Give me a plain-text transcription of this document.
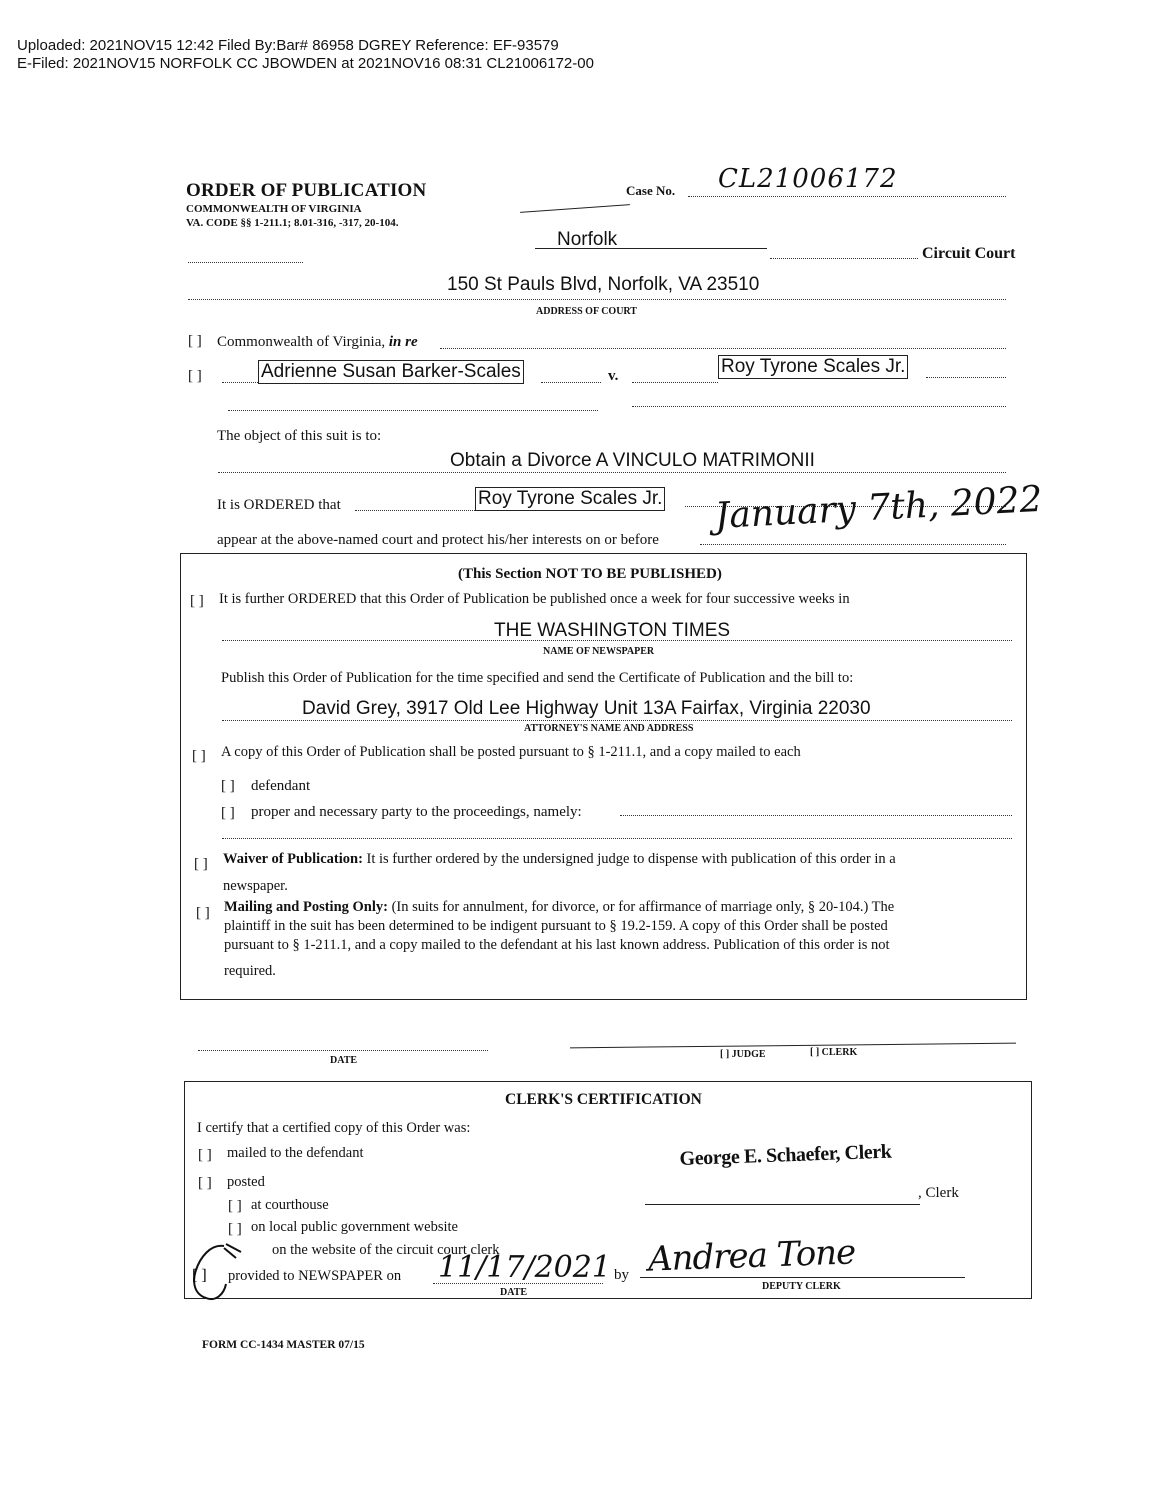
Uploaded: 2021NOV15 12:42 Filed By:Bar# 86958 DGREY Reference: EF-93579
E-Filed: 2021NOV15 NORFOLK CC JBOWDEN at 2021NOV16 08:31 CL21006172-00
ORDER OF PUBLICATION
COMMONWEALTH OF VIRGINIA
VA. CODE §§ 1-211.1; 8.01-316, -317, 20-104.
Case No. CL21006172
Norfolk
Circuit Court
150 St Pauls Blvd, Norfolk, VA 23510
ADDRESS OF COURT
[ ] Commonwealth of Virginia, in re
[ ]	Adrienne Susan Barker-Scales	v.	Roy Tyrone Scales Jr.
The object of this suit is to:
Obtain a Divorce A VINCULO MATRIMONII
It is ORDERED that	Roy Tyrone Scales Jr.
appear at the above-named court and protect his/her interests on or before
January 7th, 2022
(This Section NOT TO BE PUBLISHED)
[ ] It is further ORDERED that this Order of Publication be published once a week for four successive weeks in
THE WASHINGTON TIMES
NAME OF NEWSPAPER
Publish this Order of Publication for the time specified and send the Certificate of Publication and the bill to:
David Grey, 3917 Old Lee Highway Unit 13A Fairfax, Virginia 22030
ATTORNEY'S NAME AND ADDRESS
[ ] A copy of this Order of Publication shall be posted pursuant to § 1-211.1, and a copy mailed to each
[ ] defendant
[ ] proper and necessary party to the proceedings, namely:
[ ] Waiver of Publication: It is further ordered by the undersigned judge to dispense with publication of this order in a
newspaper.
[ ] Mailing and Posting Only: (In suits for annulment, for divorce, or for affirmance of marriage only, § 20-104.) The
plaintiff in the suit has been determined to be indigent pursuant to § 19.2-159. A copy of this Order shall be posted
pursuant to § 1-211.1, and a copy mailed to the defendant at his last known address. Publication of this order is not
required.
DATE
[ ] JUDGE	[ ] CLERK
CLERK'S CERTIFICATION
I certify that a certified copy of this Order was:
[ ] mailed to the defendant
[ ] posted
[ ] at courthouse
[ ] on local public government website
on the website of the circuit court clerk
provided to NEWSPAPER on 11/17/2021
DATE
by
[ ]
George E. Schaefer, Clerk
, Clerk
Andrea Tone
DEPUTY CLERK
FORM CC-1434 MASTER 07/15
